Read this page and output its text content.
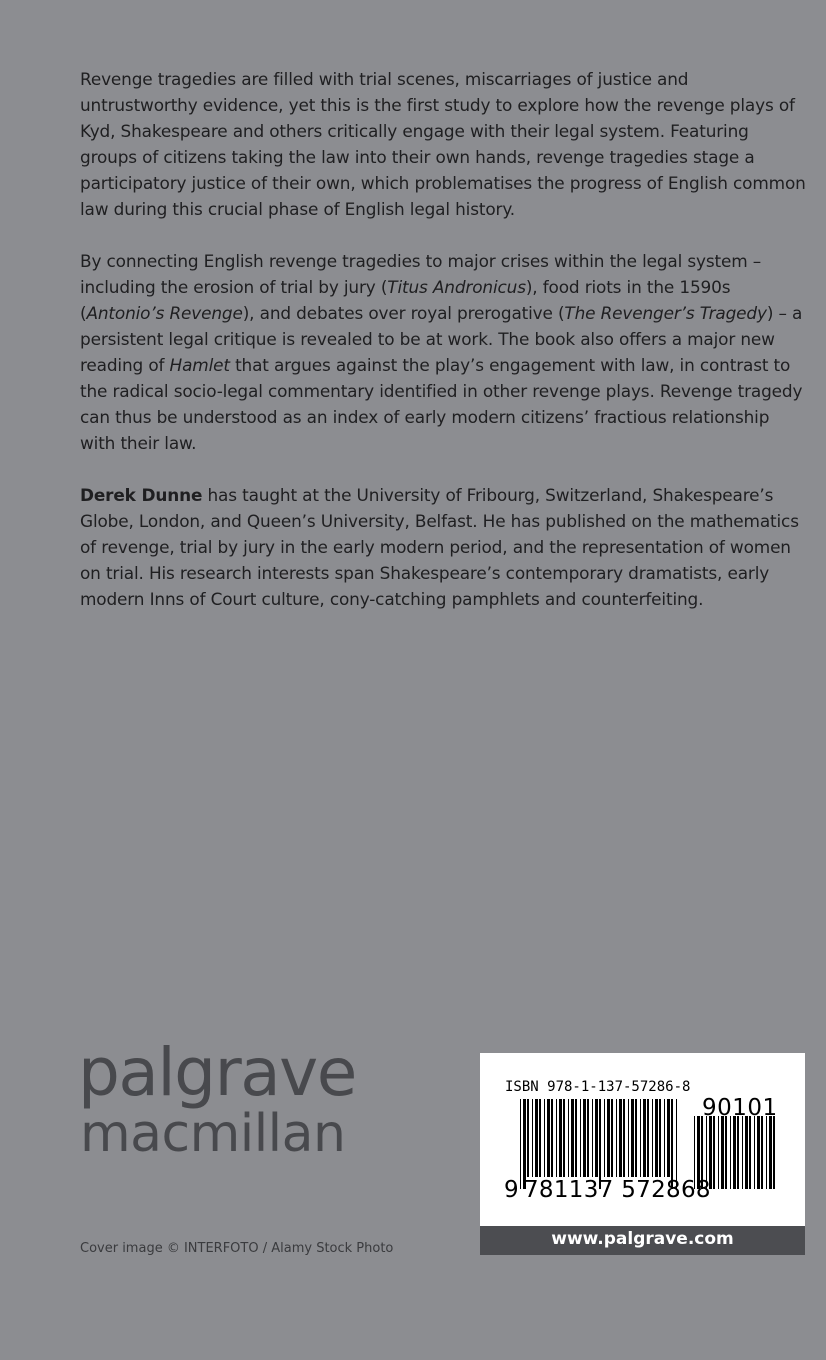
Revenge tragedies are filled with trial scenes, miscarriages of justice and untrustworthy evidence, yet this is the first study to explore how the revenge plays of Kyd, Shakespeare and others critically engage with their legal system. Featuring groups of citizens taking the law into their own hands, revenge tragedies stage a participatory justice of their own, which problematises the progress of English common law during this crucial phase of English legal history.

By connecting English revenge tragedies to major crises within the legal system – including the erosion of trial by jury (Titus Andronicus), food riots in the 1590s (Antonio’s Revenge), and debates over royal prerogative (The Revenger’s Tragedy) – a persistent legal critique is revealed to be at work. The book also offers a major new reading of Hamlet that argues against the play’s engagement with law, in contrast to the radical socio-legal commentary identified in other revenge plays. Revenge tragedy can thus be understood as an index of early modern citizens’ fractious relationship with their law.

Derek Dunne has taught at the University of Fribourg, Switzerland, Shakespeare’s Globe, London, and Queen’s University, Belfast. He has published on the mathematics of revenge, trial by jury in the early modern period, and the representation of women on trial. His research interests span Shakespeare’s contemporary dramatists, early modern Inns of Court culture, cony-catching pamphlets and counterfeiting.

palgrave
macmillan
Cover image © INTERFOTO / Alamy Stock Photo
ISBN 978-1-137-57286-8
9 781137 572868
90101
www.palgrave.com
